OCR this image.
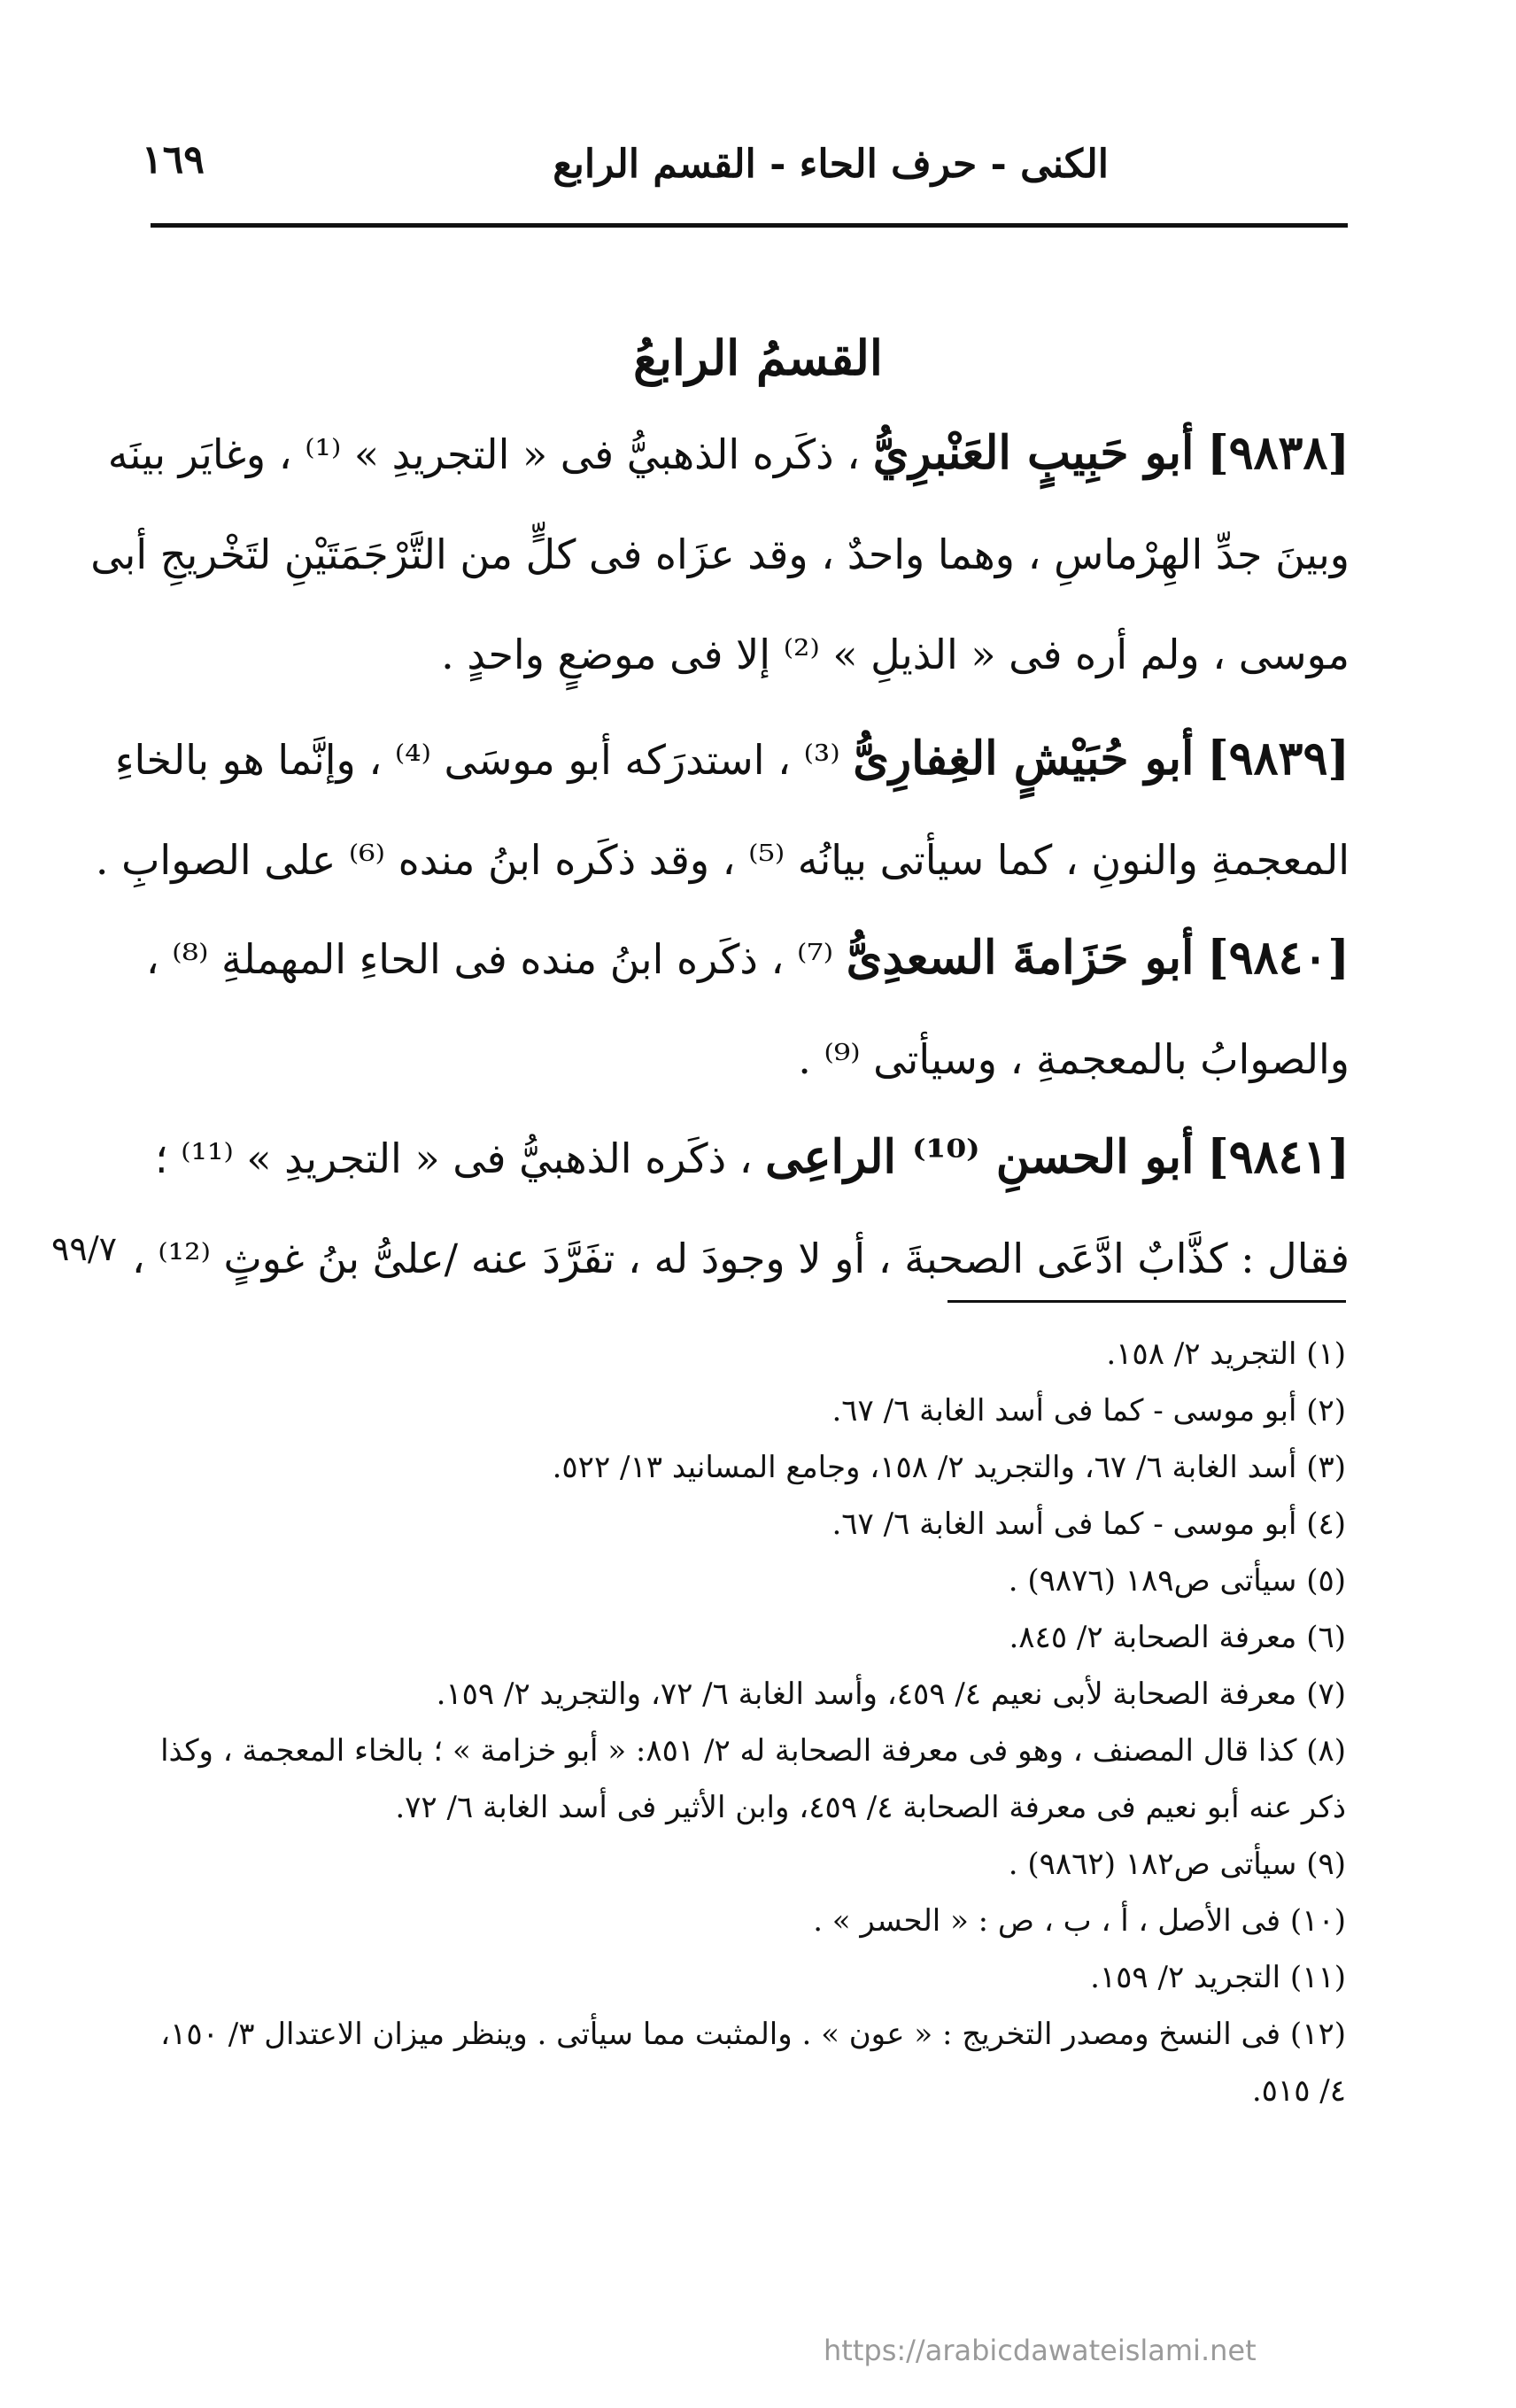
الكنى - حرف الحاء - القسم الرابع
١٦٩
القسمُ الرابعُ
[٩٨٣٨] أبو حَبِيبٍ العَنْبرِيُّ ، ذكَره الذهبيُّ فى « التجريدِ » ⁽¹⁾ ، وغايَر بينَه
وبينَ جدِّ الهِرْماسِ ، وهما واحدٌ ، وقد عزَاه فى كلٍّ من التَّرْجَمَتَيْنِ لتَخْريجِ أبى
موسى ، ولم أره فى « الذيلِ » ⁽²⁾ إلا فى موضعٍ واحدٍ .
[٩٨٣٩] أبو حُبَيْشٍ الغِفارِىُّ ⁽³⁾ ، استدرَكه أبو موسَى ⁽⁴⁾ ، وإنَّما هو بالخاءِ
المعجمةِ والنونِ ، كما سيأتى بيانُه ⁽⁵⁾ ، وقد ذكَره ابنُ منده ⁽⁶⁾ على الصوابِ .
[٩٨٤٠] أبو حَزَامةَ السعدِىُّ ⁽⁷⁾ ، ذكَره ابنُ منده فى الحاءِ المهملةِ ⁽⁸⁾ ،
والصوابُ بالمعجمةِ ، وسيأتى ⁽⁹⁾ .
[٩٨٤١] أبو الحسنِ ⁽¹⁰⁾ الراعِى ، ذكَره الذهبيُّ فى « التجريدِ » ⁽¹¹⁾ ؛
فقال : كذَّابٌ ادَّعَى الصحبةَ ، أو لا وجودَ له ، تفَرَّدَ عنه /علىُّ بنُ غوثٍ ⁽¹²⁾ ،
٩٩/٧
(١) التجريد ٢/ ١٥٨.
(٢) أبو موسى - كما فى أسد الغابة ٦/ ٦٧.
(٣) أسد الغابة ٦/ ٦٧، والتجريد ٢/ ١٥٨، وجامع المسانيد ١٣/ ٥٢٢.
(٤) أبو موسى - كما فى أسد الغابة ٦/ ٦٧.
(٥) سيأتى ص١٨٩ (٩٨٧٦) .
(٦) معرفة الصحابة ٢/ ٨٤٥.
(٧) معرفة الصحابة لأبى نعيم ٤/ ٤٥٩، وأسد الغابة ٦/ ٧٢، والتجريد ٢/ ١٥٩.
(٨) كذا قال المصنف ، وهو فى معرفة الصحابة له ٢/ ٨٥١: « أبو خزامة » ؛ بالخاء المعجمة ، وكذا
ذكر عنه أبو نعيم فى معرفة الصحابة ٤/ ٤٥٩، وابن الأثير فى أسد الغابة ٦/ ٧٢.
(٩) سيأتى ص١٨٢ (٩٨٦٢) .
(١٠) فى الأصل ، أ ، ب ، ص : « الحسر » .
(١١) التجريد ٢/ ١٥٩.
(١٢) فى النسخ ومصدر التخريج : « عون » . والمثبت مما سيأتى . وينظر ميزان الاعتدال ٣/ ١٥٠،
٤/ ٥١٥.
https://arabicdawateislami.net
